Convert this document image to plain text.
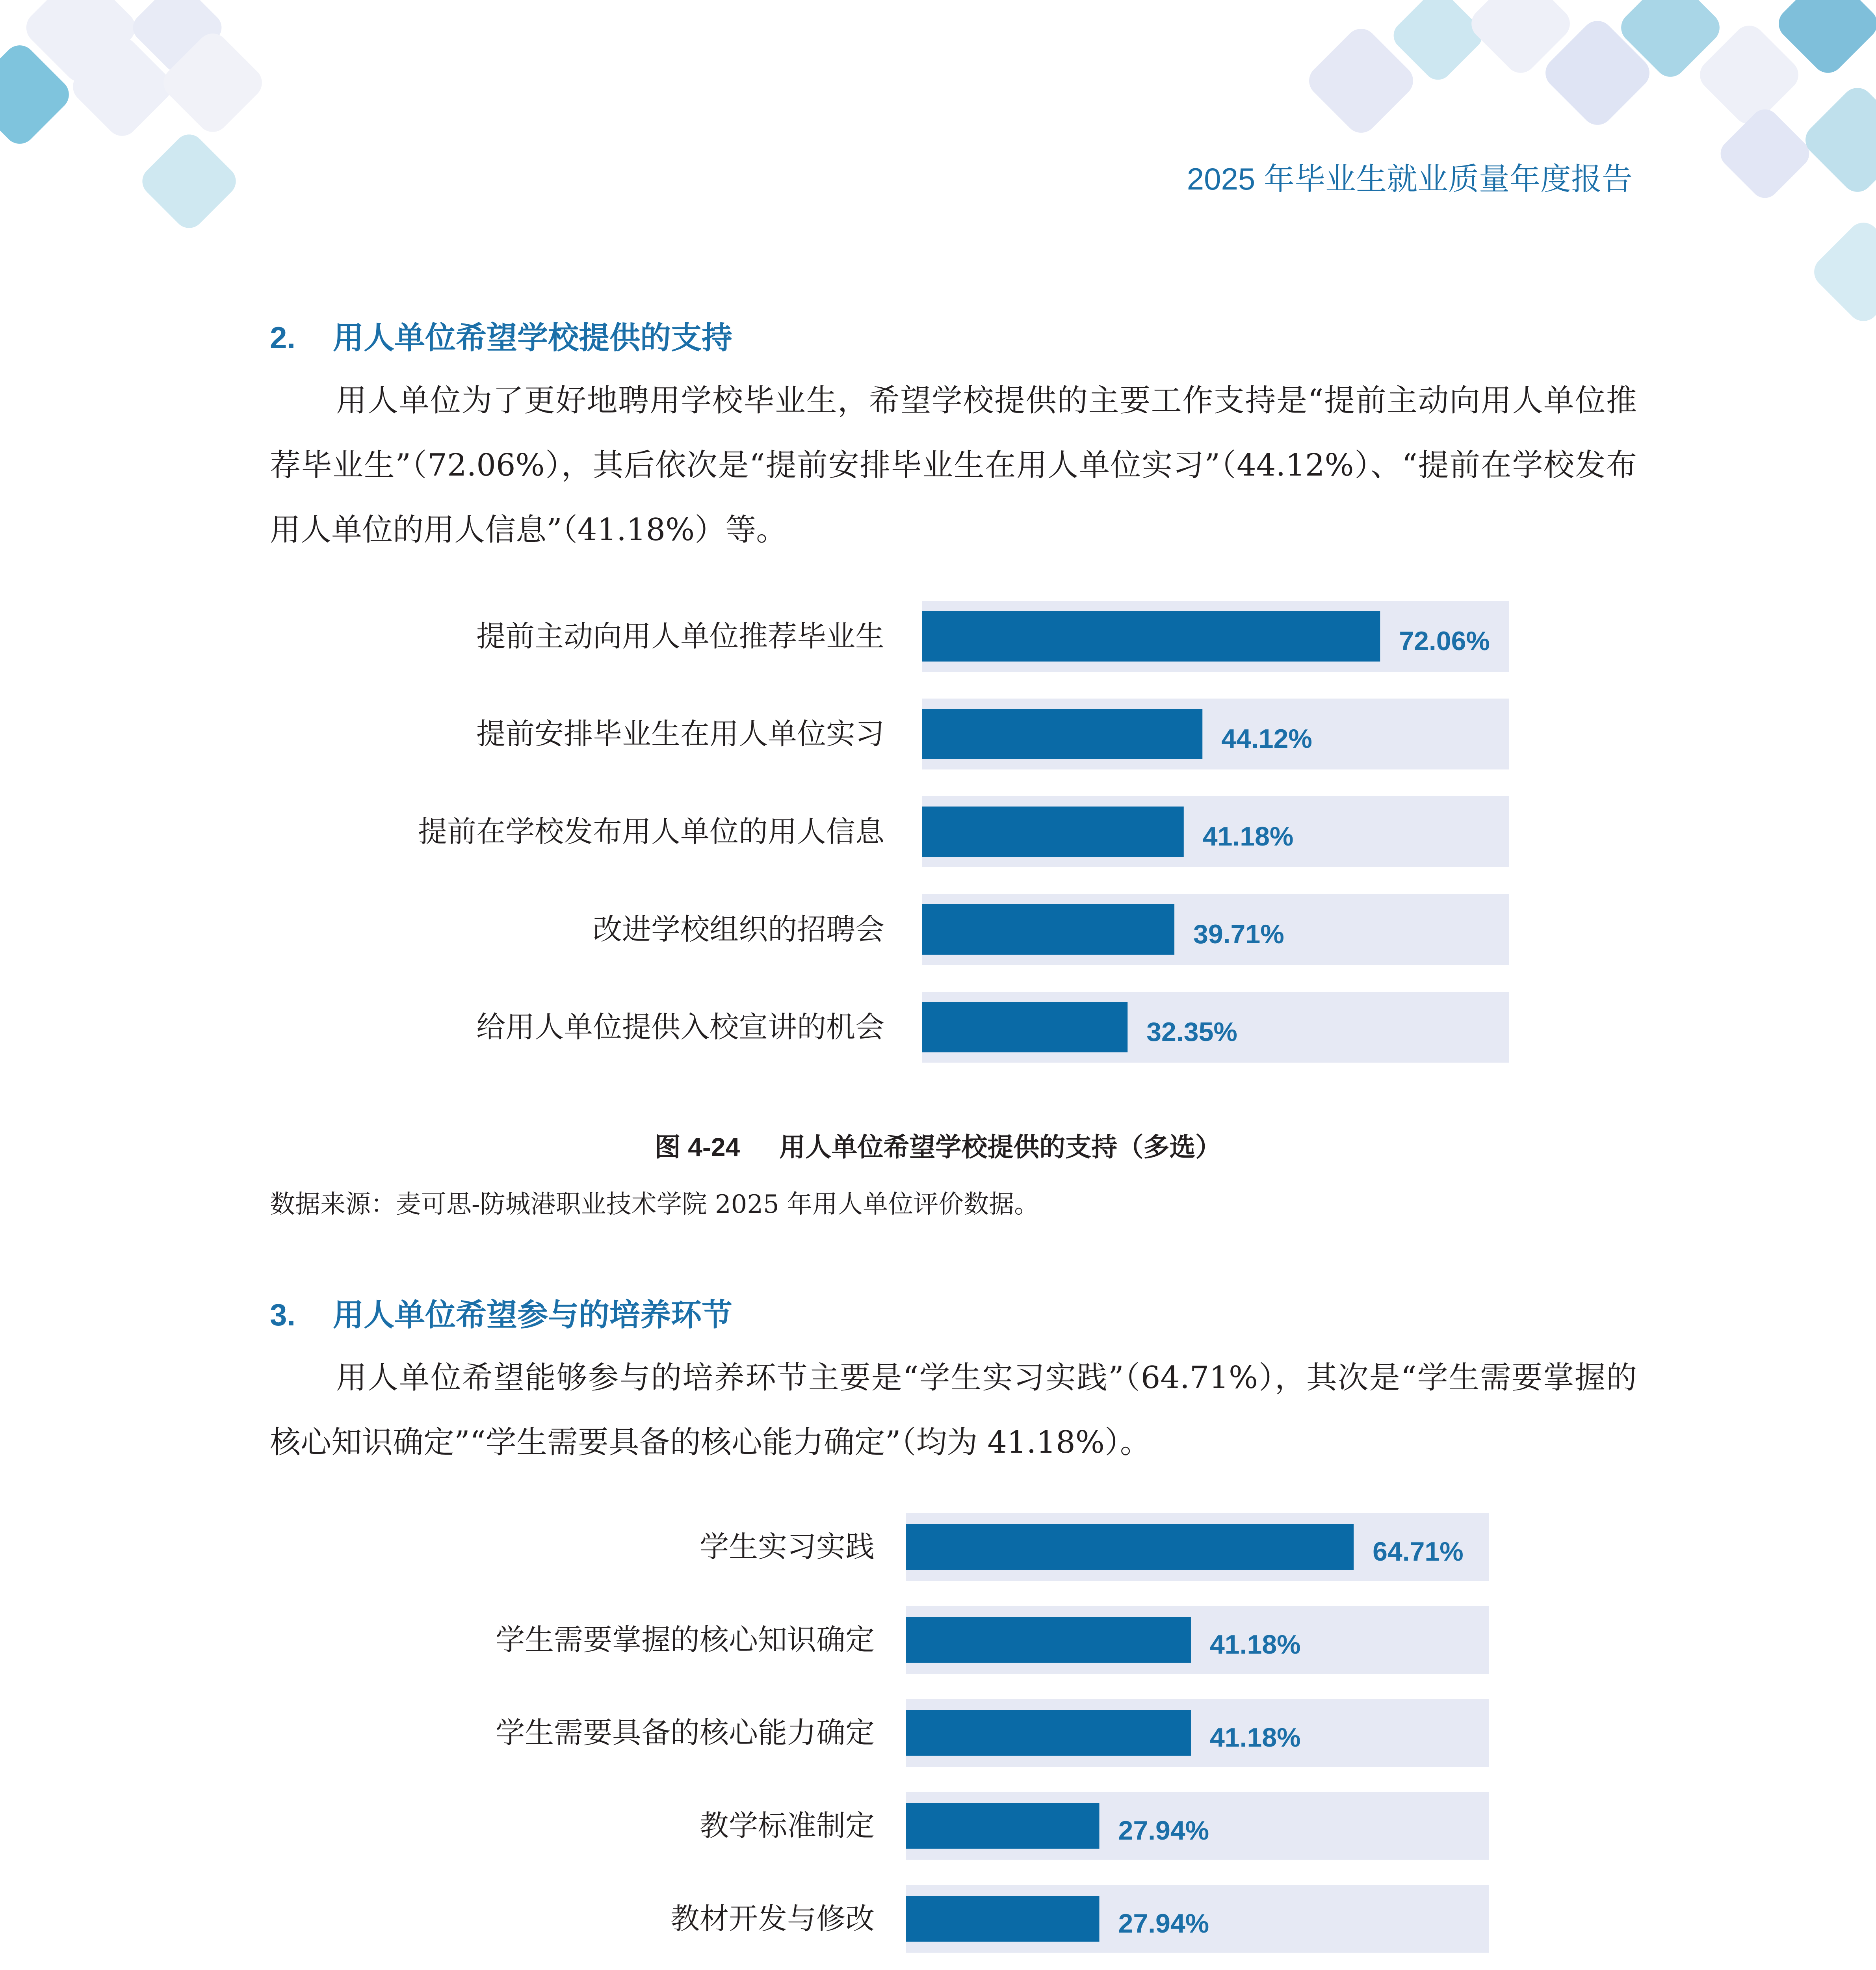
2025 年毕业生就业质量年度报告
2. 用人单位希望学校提供的支持
用人单位为了更好地聘用学校毕业生，希望学校提供的主要工作支持是“提前主动向用人单位推荐毕业生”（72.06%），其后依次是“提前安排毕业生在用人单位实习”（44.12%）、“提前在学校发布用人单位的用人信息”（41.18%）等。
提前主动向用人单位推荐毕业生	72.06%
提前安排毕业生在用人单位实习	44.12%
提前在学校发布用人单位的用人信息	41.18%
改进学校组织的招聘会	39.71%
给用人单位提供入校宣讲的机会	32.35%
图 4-24 用人单位希望学校提供的支持（多选）
数据来源：麦可思-防城港职业技术学院 2025 年用人单位评价数据。
3. 用人单位希望参与的培养环节
用人单位希望能够参与的培养环节主要是“学生实习实践”（64.71%），其次是“学生需要掌握的核心知识确定”“学生需要具备的核心能力确定”（均为 41.18%）。
学生实习实践	64.71%
学生需要掌握的核心知识确定	41.18%
学生需要具备的核心能力确定	41.18%
教学标准制定	27.94%
教材开发与修改	27.94%
